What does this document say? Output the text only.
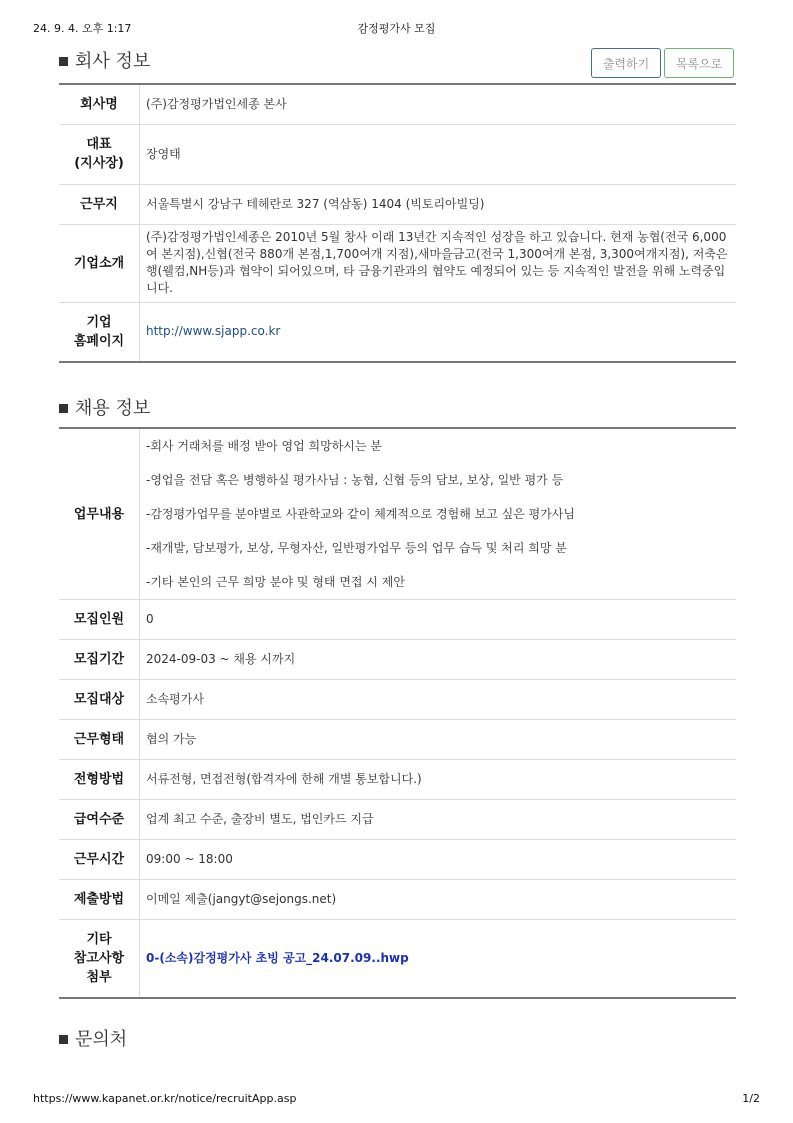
24. 9. 4. 오후 1:17	감정평가사 모집
회사 정보	출력하기	목록으로
회사명	(주)감정평가법인세종 본사

대표
(지사장)	장영태
근무지	서울특별시 강남구 테헤란로 327 (역삼동) 1404 (빅토리아빌딩)
기업소개	(주)감정평가법인세종은 2010년 5월 창사 이래 13년간 지속적인 성장을 하고 있습니다. 현재 농협(전국 6,000여 본지점),신협(전국 880개 본점,1,700여개 지점),새마을금고(전국 1,300여개 본점, 3,300여개지점), 저축은행(웰컴,NH등)과 협약이 되어있으며, 타 금융기관과의 협약도 예정되어 있는 등 지속적인 발전을 위해 노력중입니다.

기업
홈페이지	http://www.sjapp.co.kr
채용 정보
업무내용	-회사 거래처를 배정 받아 영업 희망하시는 분
-영업을 전담 혹은 병행하실 평가사님 : 농협, 신협 등의 담보, 보상, 일반 평가 등
-감정평가업무를 분야별로 사관학교와 같이 체계적으로 경험해 보고 싶은 평가사님
-재개발, 담보평가, 보상, 무형자산, 일반평가업무 등의 업무 습득 및 처리 희망 분
-기타 본인의 근무 희망 분야 및 형태 면접 시 제안

모집인원	0
모집기간	2024-09-03 ~ 채용 시까지
모집대상	소속평가사
근무형태	협의 가능
전형방법	서류전형, 면접전형(합격자에 한해 개별 통보합니다.)
급여수준	업계 최고 수준, 출장비 별도, 법인카드 지급
근무시간	09:00 ~ 18:00
제출방법	이메일 제출(jangyt@sejongs.net)

기타
참고사항
첨부	0-(소속)감정평가사 초빙 공고_24.07.09..hwp
문의처
https://www.kapanet.or.kr/notice/recruitApp.asp	1/2
